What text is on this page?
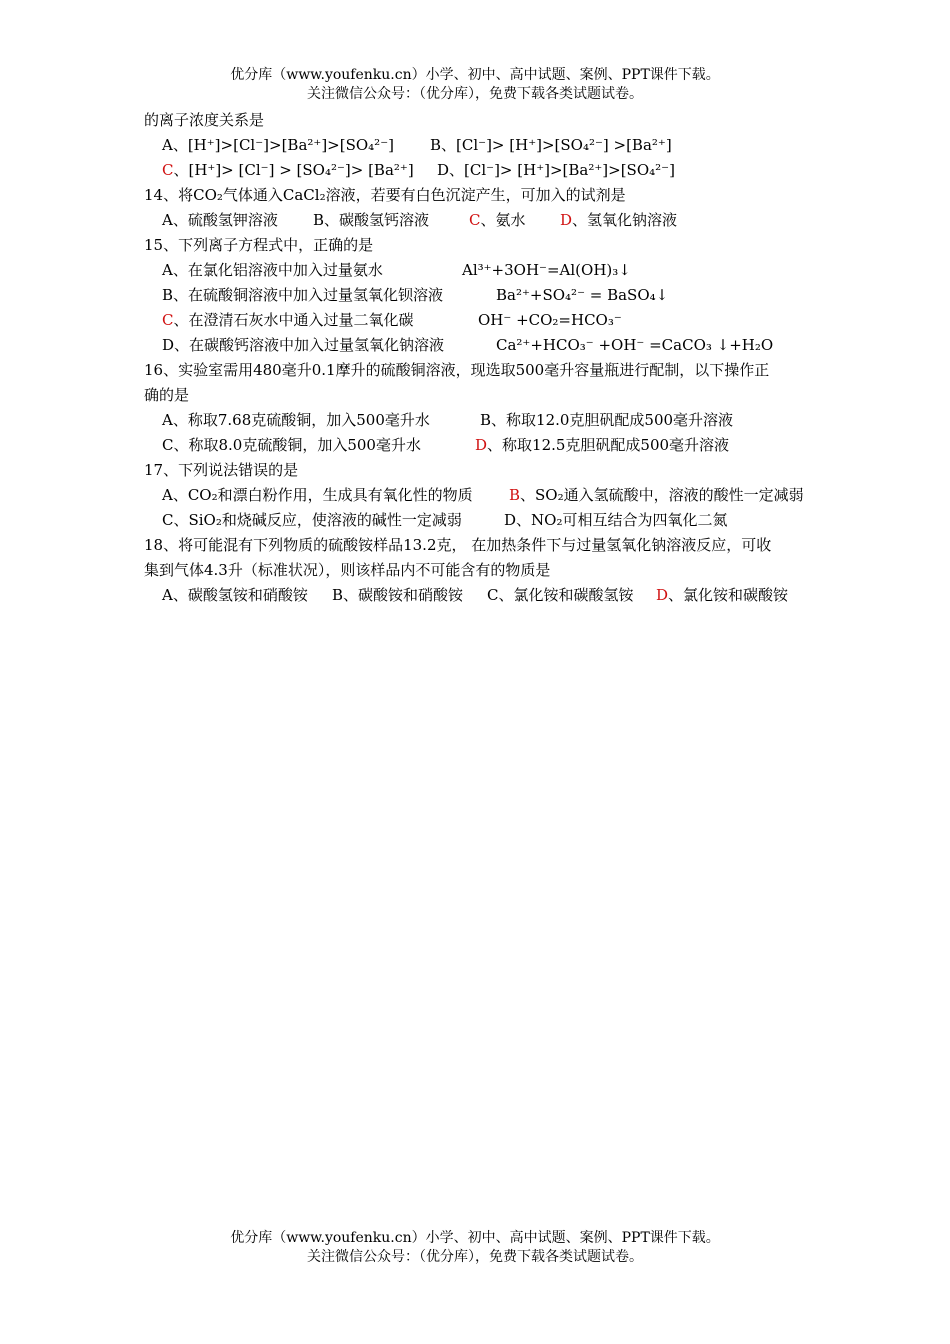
优分库（www.youfenku.cn）小学、初中、高中试题、案例、PPT课件下载。
关注微信公众号：（优分库），免费下载各类试题试卷。
的离子浓度关系是
A、[H⁺]>[Cl⁻]>[Ba²⁺]>[SO₄²⁻] B、[Cl⁻]> [H⁺]>[SO₄²⁻] >[Ba²⁺]
C、[H⁺]> [Cl⁻] > [SO₄²⁻]> [Ba²⁺] D、[Cl⁻]> [H⁺]>[Ba²⁺]>[SO₄²⁻]
14、将CO₂气体通入CaCl₂溶液，若要有白色沉淀产生，可加入的试剂是
A、硫酸氢钾溶液 B、碳酸氢钙溶液	C、氨水 D、氢氧化钠溶液
15、下列离子方程式中，正确的是
A、在氯化铝溶液中加入过量氨水	Al³⁺+3OH⁻=Al(OH)₃↓
B、在硫酸铜溶液中加入过量氢氧化钡溶液	Ba²⁺+SO₄²⁻ = BaSO₄↓
C、在澄清石灰水中通入过量二氧化碳	OH⁻ +CO₂=HCO₃⁻
D、在碳酸钙溶液中加入过量氢氧化钠溶液	Ca²⁺+HCO₃⁻ +OH⁻ =CaCO₃ ↓+H₂O
16、实验室需用480毫升0.1摩升的硫酸铜溶液，现选取500毫升容量瓶进行配制，以下操作正
确的是
A、称取7.68克硫酸铜，加入500毫升水	B、称取12.0克胆矾配成500毫升溶液
C、称取8.0克硫酸铜，加入500毫升水	D、称取12.5克胆矾配成500毫升溶液
17、下列说法错误的是
A、CO₂和漂白粉作用，生成具有氧化性的物质 B、SO₂通入氢硫酸中，溶液的酸性一定减弱
C、SiO₂和烧碱反应，使溶液的碱性一定减弱	D、NO₂可相互结合为四氧化二氮
18、将可能混有下列物质的硫酸铵样品13.2克， 在加热条件下与过量氢氧化钠溶液反应，可收
集到气体4.3升（标准状况），则该样品内不可能含有的物质是
A、碳酸氢铵和硝酸铵 B、碳酸铵和硝酸铵 C、氯化铵和碳酸氢铵 D、氯化铵和碳酸铵
优分库（www.youfenku.cn）小学、初中、高中试题、案例、PPT课件下载。
关注微信公众号：（优分库），免费下载各类试题试卷。
